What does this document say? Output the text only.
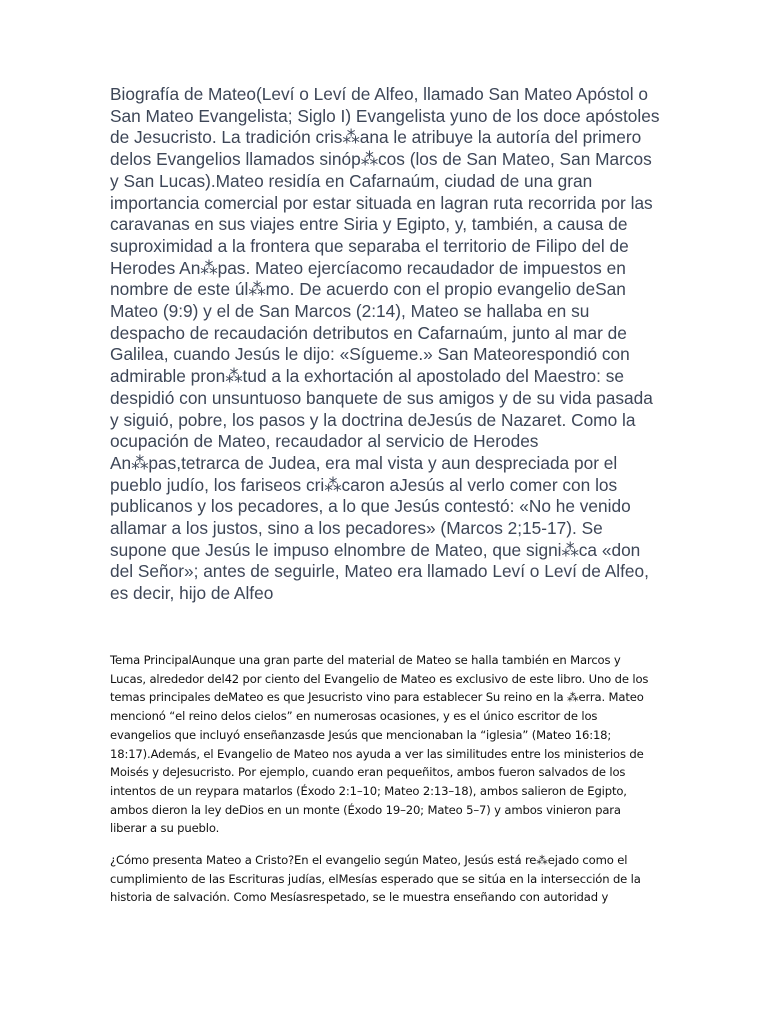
Biografía de Mateo(Leví o Leví de Alfeo, llamado San Mateo Apóstol o San Mateo Evangelista; Siglo I) Evangelista yuno de los doce apóstoles de Jesucristo. La tradición cris⁂ana le atribuye la autoría del primero delos Evangelios llamados sinóp⁂cos (los de San Mateo, San Marcos y San Lucas).Mateo residía en Cafarnaúm, ciudad de una gran importancia comercial por estar situada en lagran ruta recorrida por las caravanas en sus viajes entre Siria y Egipto, y, también, a causa de suproximidad a la frontera que separaba el territorio de Filipo del de Herodes An⁂pas. Mateo ejercíacomo recaudador de impuestos en nombre de este úl⁂mo. De acuerdo con el propio evangelio deSan Mateo (9:9) y el de San Marcos (2:14), Mateo se hallaba en su despacho de recaudación detributos en Cafarnaúm, junto al mar de Galilea, cuando Jesús le dijo: «Sígueme.» San Mateorespondió con admirable pron⁂tud a la exhortación al apostolado del Maestro: se despidió con unsuntuoso banquete de sus amigos y de su vida pasada y siguió, pobre, los pasos y la doctrina deJesús de Nazaret. Como la ocupación de Mateo, recaudador al servicio de Herodes An⁂pas,tetrarca de Judea, era mal vista y aun despreciada por el pueblo judío, los fariseos cri⁂caron aJesús al verlo comer con los publicanos y los pecadores, a lo que Jesús contestó: «No he venido allamar a los justos, sino a los pecadores» (Marcos 2;15-17). Se supone que Jesús le impuso elnombre de Mateo, que signi⁂ca «don del Señor»; antes de seguirle, Mateo era llamado Leví o Leví de Alfeo, es decir, hijo de Alfeo

Tema PrincipalAunque una gran parte del material de Mateo se halla también en Marcos y Lucas, alrededor del42 por ciento del Evangelio de Mateo es exclusivo de este libro. Uno de los temas principales deMateo es que Jesucristo vino para establecer Su reino en la ⁂erra. Mateo mencionó “el reino delos cielos” en numerosas ocasiones, y es el único escritor de los evangelios que incluyó enseñanzasde Jesús que mencionaban la “iglesia” (Mateo 16:18; 18:17).Además, el Evangelio de Mateo nos ayuda a ver las similitudes entre los ministerios de Moisés y deJesucristo. Por ejemplo, cuando eran pequeñitos, ambos fueron salvados de los intentos de un reypara matarlos (Éxodo 2:1–10; Mateo 2:13–18), ambos salieron de Egipto, ambos dieron la ley deDios en un monte (Éxodo 19–20; Mateo 5–7) y ambos vinieron para liberar a su pueblo.

¿Cómo presenta Mateo a Cristo?En el evangelio según Mateo, Jesús está re⁂ejado como el cumplimiento de las Escrituras judías, elMesías esperado que se sitúa en la intersección de la historia de salvación. Como Mesíasrespetado, se le muestra enseñando con autoridad y
